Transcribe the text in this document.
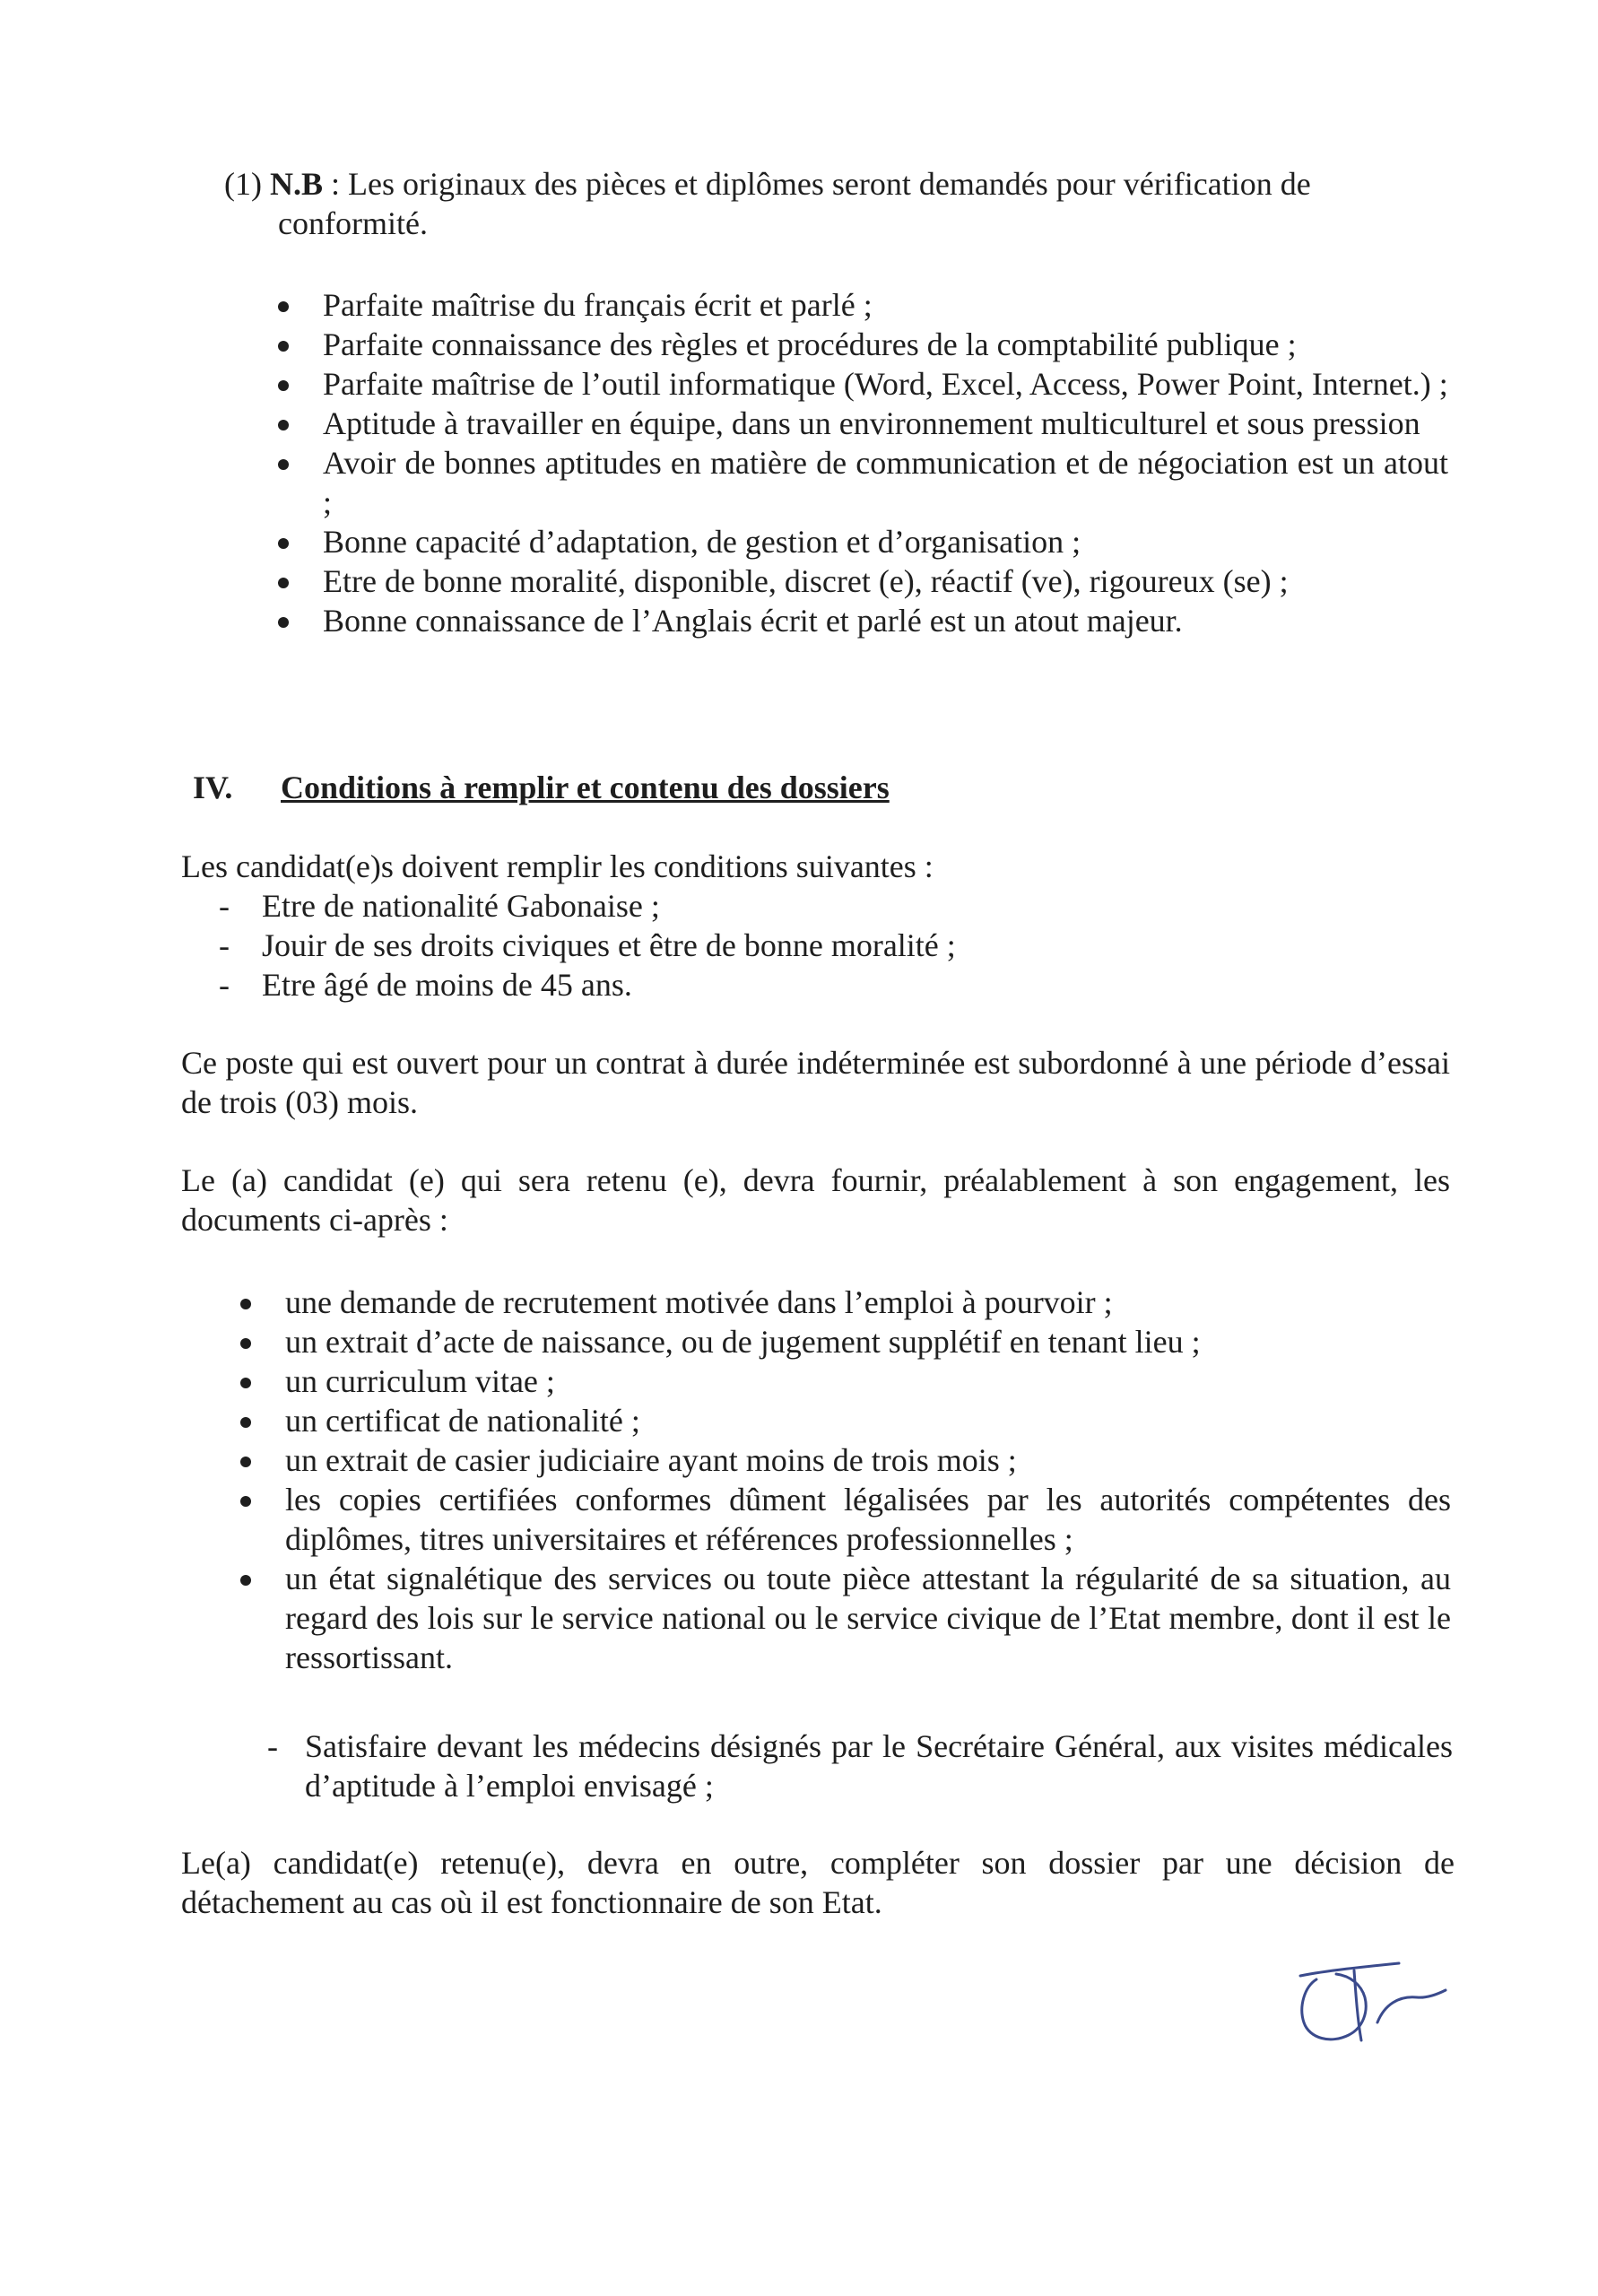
(1) N.B : Les originaux des pièces et diplômes seront demandés pour vérification de
conformité.
Parfaite maîtrise du français écrit et parlé ;
Parfaite connaissance des règles et procédures de la comptabilité publique ;
Parfaite maîtrise de l’outil informatique (Word, Excel, Access, Power Point, Internet.) ;
Aptitude à travailler en équipe, dans un environnement multiculturel et sous pression
Avoir de bonnes aptitudes en matière de communication et de négociation est un atout ;
Bonne capacité d’adaptation, de gestion et d’organisation ;
Etre de bonne moralité, disponible, discret (e), réactif (ve), rigoureux (se) ;
Bonne connaissance de l’Anglais écrit et parlé est un atout majeur.
IV. Conditions à remplir et contenu des dossiers
Les candidat(e)s doivent remplir les conditions suivantes :
- Etre de nationalité Gabonaise ;
- Jouir de ses droits civiques et être de bonne moralité ;
- Etre âgé de moins de 45 ans.
Ce poste qui est ouvert pour un contrat à durée indéterminée est subordonné à une période d’essai de trois (03) mois.
Le (a) candidat (e) qui sera retenu (e), devra fournir, préalablement à son engagement, les documents ci-après :
une demande de recrutement motivée dans l’emploi à pourvoir ;
un extrait d’acte de naissance, ou de jugement supplétif en tenant lieu ;
un curriculum vitae ;
un certificat de nationalité ;
un extrait de casier judiciaire ayant moins de trois mois ;
les copies certifiées conformes dûment légalisées par les autorités compétentes des diplômes, titres universitaires et références professionnelles ;
un état signalétique des services ou toute pièce attestant la régularité de sa situation, au regard des lois sur le service national ou le service civique de l’Etat membre, dont il est le ressortissant.
- Satisfaire devant les médecins désignés par le Secrétaire Général, aux visites médicales d’aptitude à l’emploi envisagé ;
Le(a) candidat(e) retenu(e), devra en outre, compléter son dossier par une décision de détachement au cas où il est fonctionnaire de son Etat.
